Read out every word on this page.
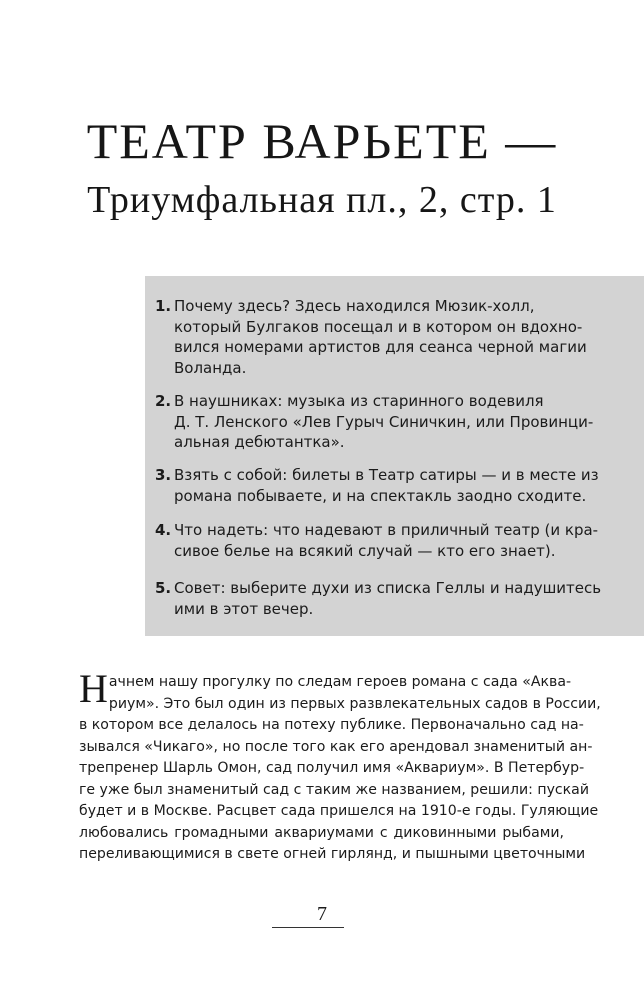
ТЕАТР ВАРЬЕТЕ —
Триумфальная пл., 2, стр. 1
1. Почему здесь? Здесь находился Мюзик-холл,
который Булгаков посещал и в котором он вдохно-
вился номерами артистов для сеанса черной магии
Воланда.
2. В наушниках: музыка из старинного водевиля
Д. Т. Ленского «Лев Гурыч Синичкин, или Провинци-
альная дебютантка».
3. Взять с собой: билеты в Театр сатиры — и в месте из
романа побываете, и на спектакль заодно сходите.
4. Что надеть: что надевают в приличный театр (и кра-
сивое белье на всякий случай — кто его знает).
5. Совет: выберите духи из списка Геллы и надушитесь
ими в этот вечер.
Н ачнем нашу прогулку по следам героев романа с сада «Аква-
риум». Это был один из первых развлекательных садов в России,
в котором все делалось на потеху публике. Первоначально сад на-
зывался «Чикаго», но после того как его арендовал знаменитый ан-
трепренер Шарль Омон, сад получил имя «Аквариум». В Петербур-
ге уже был знаменитый сад с таким же названием, решили: пускай
будет и в Москве. Расцвет сада пришелся на 1910-е годы. Гуляющие
любовались громадными аквариумами с диковинными рыбами,
переливающимися в свете огней гирлянд, и пышными цветочными
7
